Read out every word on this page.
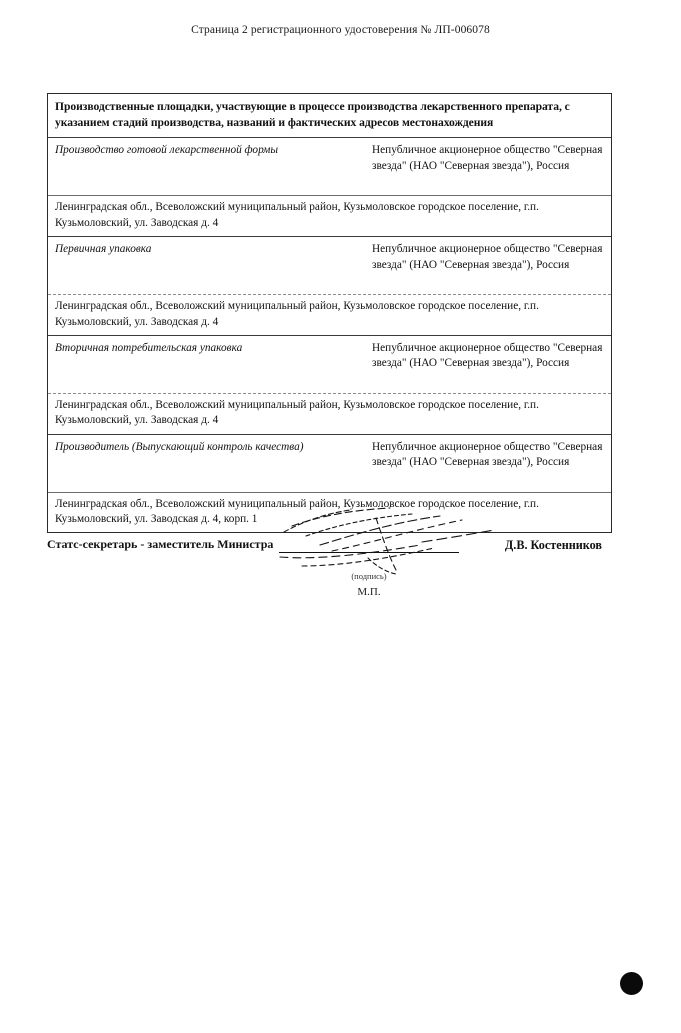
Страница 2 регистрационного удостоверения № ЛП-006078
Производственные площадки, участвующие в процессе производства лекарственного препарата, с указанием стадий производства, названий и фактических адресов местонахождения
Производство готовой лекарственной формы	Непубличное акционерное общество "Северная звезда" (НАО "Северная звезда"), Россия
Ленинградская обл., Всеволожский муниципальный район, Кузьмоловское городское поселение, г.п. Кузьмоловский, ул. Заводская д. 4
Первичная упаковка	Непубличное акционерное общество "Северная звезда" (НАО "Северная звезда"), Россия
Ленинградская обл., Всеволожский муниципальный район, Кузьмоловское городское поселение, г.п. Кузьмоловский, ул. Заводская д. 4
Вторичная потребительская упаковка	Непубличное акционерное общество "Северная звезда" (НАО "Северная звезда"), Россия
Ленинградская обл., Всеволожский муниципальный район, Кузьмоловское городское поселение, г.п. Кузьмоловский, ул. Заводская д. 4
Производитель (Выпускающий контроль качества)	Непубличное акционерное общество "Северная звезда" (НАО "Северная звезда"), Россия
Ленинградская обл., Всеволожский муниципальный район, Кузьмоловское городское поселение, г.п. Кузьмоловский, ул. Заводская д. 4, корп. 1
Статс-секретарь - заместитель Министра
(подпись)
М.П.
Д.В. Костенников
